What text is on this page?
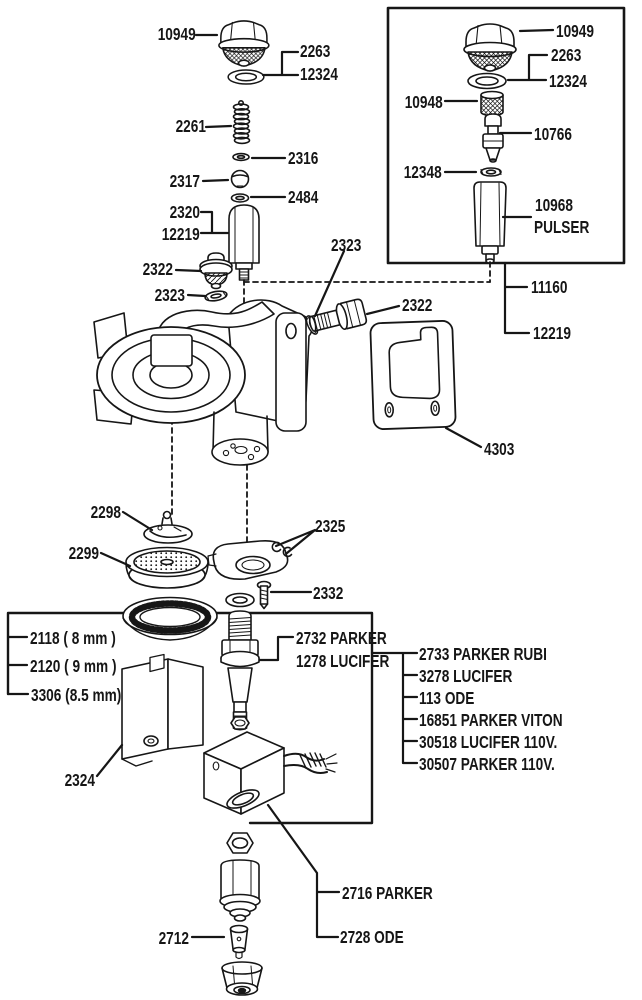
10949
2263
12324
2261
2316
2317
2484
2320
12219
2322
2323
2323
2322
4303
11160
12219
2298
2299
2325
2332
10949
2263
12324
10948
10766
12348
10968
PULSER
2118 ( 8 mm )
2120 ( 9 mm )
3306 (8.5 mm)
2732 PARKER
1278 LUCIFER 2733 PARKER RUBI
3278 LUCIFER
113 ODE
16851 PARKER VITON
30518 LUCIFER 110V.
30507 PARKER 110V.
2324
2716 PARKER
2728 ODE
2712
